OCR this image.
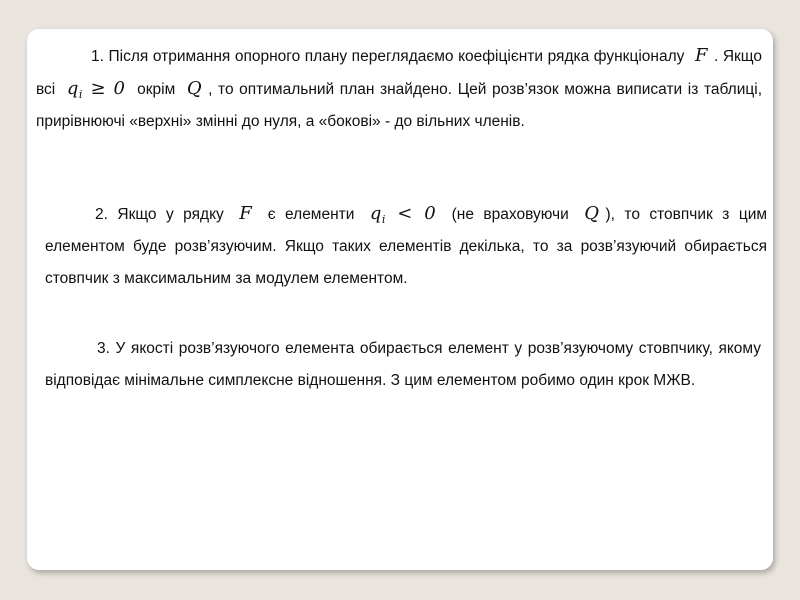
1. Після отримання опорного плану переглядаємо коефіцієнти рядка функціоналу F . Якщо всі $q_i \ge 0$ окрім Q , то оптимальний план знайдено. Цей розв’язок можна виписати із таблиці, прирівнюючі «верхні» змінні до нуля, а «бокові» - до вільних членів.
2. Якщо у рядку F є елементи $q_i < 0$ (не враховуючи Q ), то стовпчик з цим елементом буде розв’язуючим. Якщо таких елементів декілька, то за розв’язуючий обирається стовпчик з максимальним за модулем елементом.
3. У якості розв’язуючого елемента обирається елемент у розв’язуючому стовпчику, якому відповідає мінімальне симплексне відношення. З цим елементом робимо один крок МЖВ.
